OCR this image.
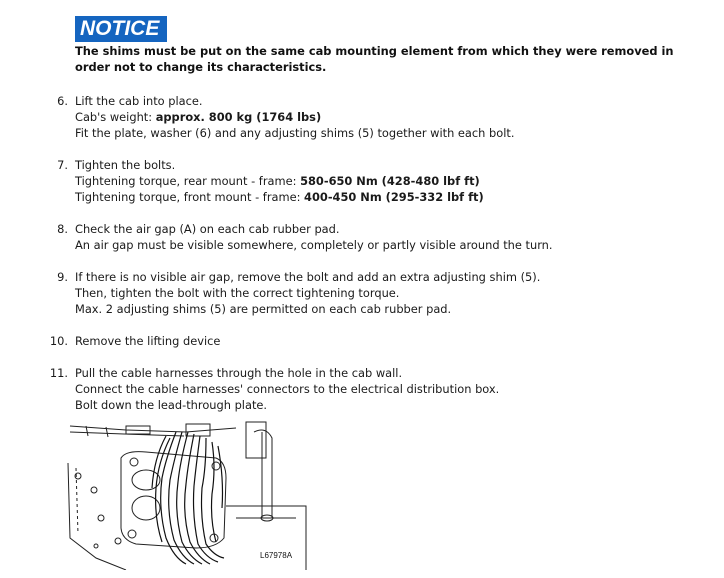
NOTICE
The shims must be put on the same cab mounting element from which they were removed in order not to change its characteristics.
6. Lift the cab into place.
Cab's weight: approx. 800 kg (1764 lbs)
Fit the plate, washer (6) and any adjusting shims (5) together with each bolt.
7. Tighten the bolts.
Tightening torque, rear mount - frame: 580-650 Nm (428-480 lbf ft)
Tightening torque, front mount - frame: 400-450 Nm (295-332 lbf ft)
8. Check the air gap (A) on each cab rubber pad.
An air gap must be visible somewhere, completely or partly visible around the turn.
9. If there is no visible air gap, remove the bolt and add an extra adjusting shim (5).
Then, tighten the bolt with the correct tightening torque.
Max. 2 adjusting shims (5) are permitted on each cab rubber pad.
10. Remove the lifting device
11. Pull the cable harnesses through the hole in the cab wall.
Connect the cable harnesses' connectors to the electrical distribution box.
Bolt down the lead-through plate.
L67978A
